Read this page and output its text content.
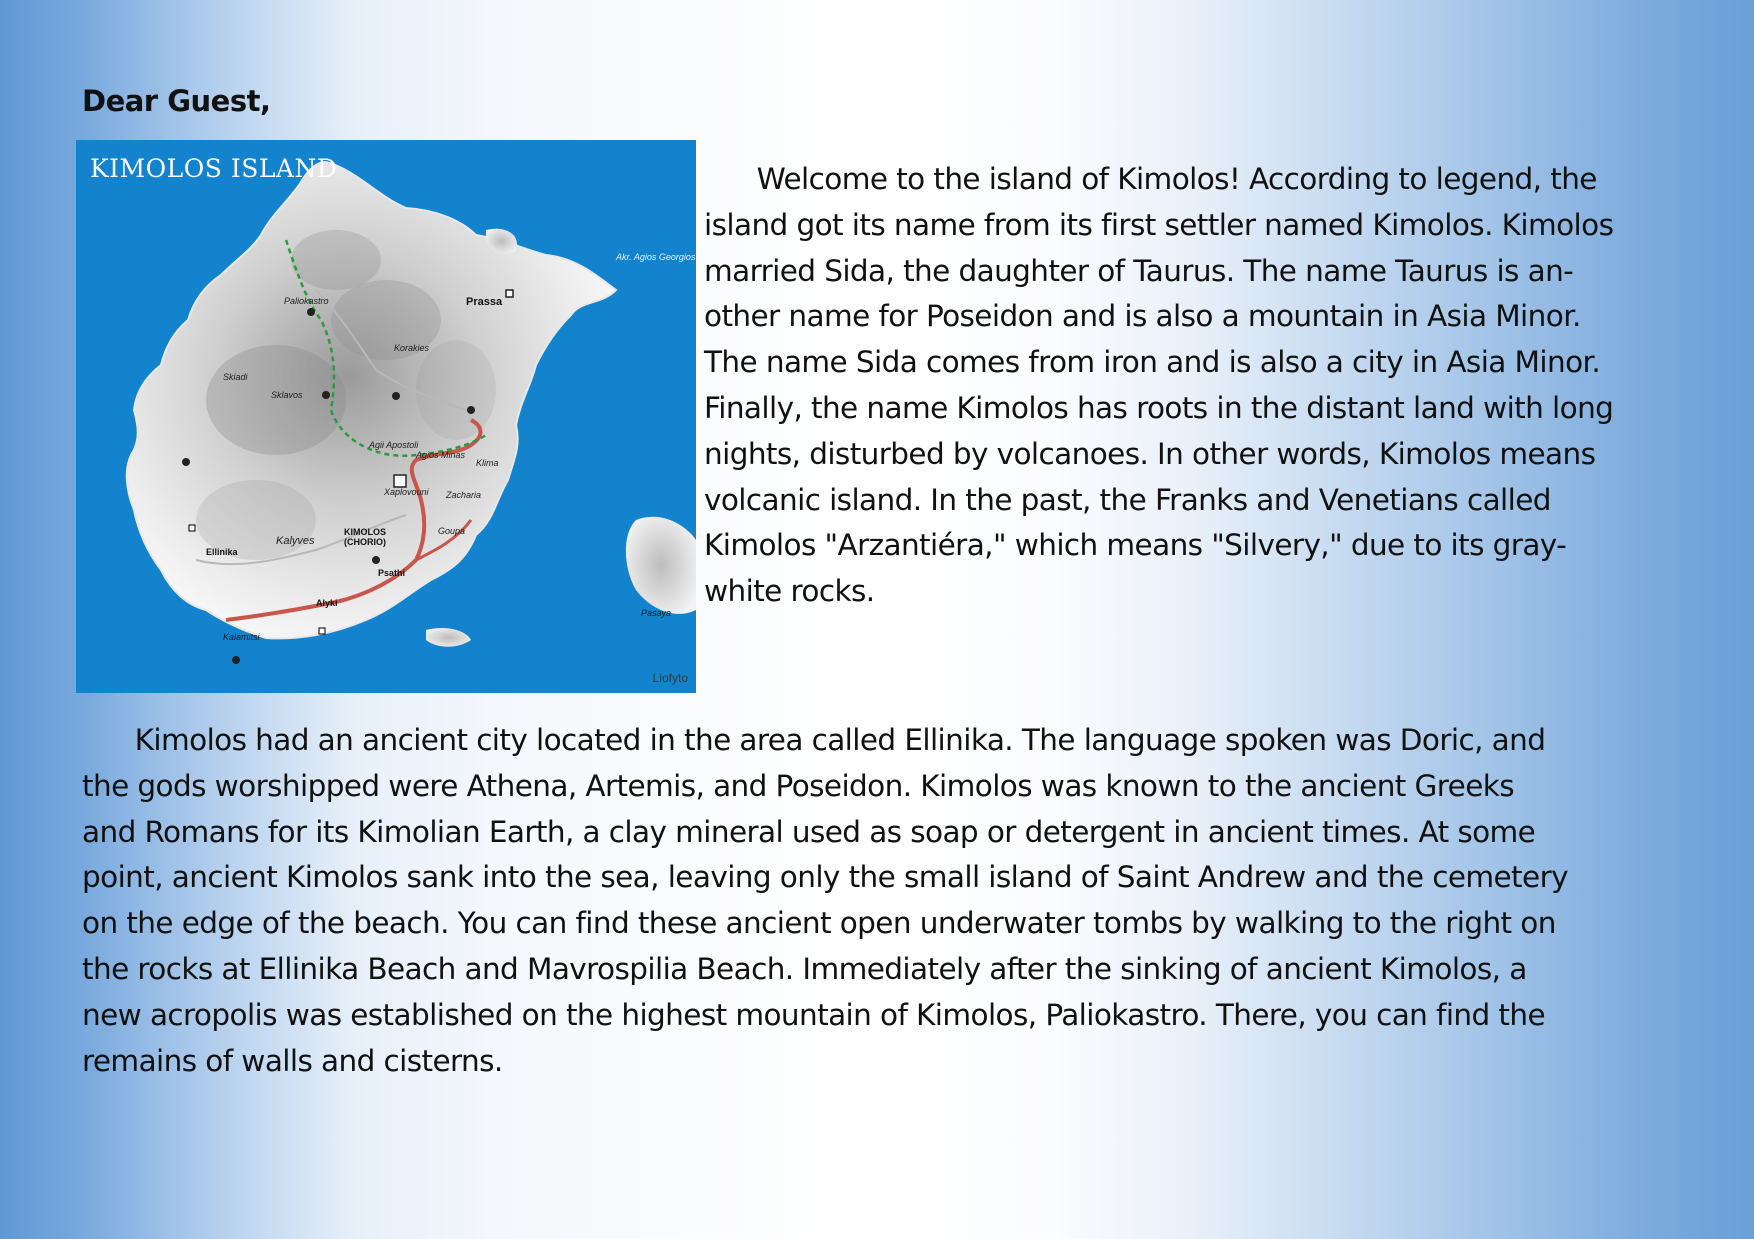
Dear Guest,
KIMOLOS ISLAND
Prassa
Korakies
Skiadi
Sklavos
Agii Apostoli
Agios Minas
Kalyves
KIMOLOS (CHORIO)
Ellinika
Alyki
Psathi
Kalamitsi
Goupa
Klima
Paliokastro
Xaplovouni Zacharia
Akr. Agios Georgios
Pasaya
Liofyto

Welcome to the island of Kimolos! According to legend, the
island got its name from its first settler named Kimolos. Kimolos
married Sida, the daughter of Taurus. The name Taurus is an-
other name for Poseidon and is also a mountain in Asia Minor.
The name Sida comes from iron and is also a city in Asia Minor.
Finally, the name Kimolos has roots in the distant land with long
nights, disturbed by volcanoes. In other words, Kimolos means
volcanic island. In the past, the Franks and Venetians called
Kimolos "Arzantiéra," which means "Silvery," due to its gray-
white rocks.

Kimolos had an ancient city located in the area called Ellinika. The language spoken was Doric, and
the gods worshipped were Athena, Artemis, and Poseidon. Kimolos was known to the ancient Greeks
and Romans for its Kimolian Earth, a clay mineral used as soap or detergent in ancient times. At some
point, ancient Kimolos sank into the sea, leaving only the small island of Saint Andrew and the cemetery
on the edge of the beach. You can find these ancient open underwater tombs by walking to the right on
the rocks at Ellinika Beach and Mavrospilia Beach. Immediately after the sinking of ancient Kimolos, a
new acropolis was established on the highest mountain of Kimolos, Paliokastro. There, you can find the
remains of walls and cisterns.
